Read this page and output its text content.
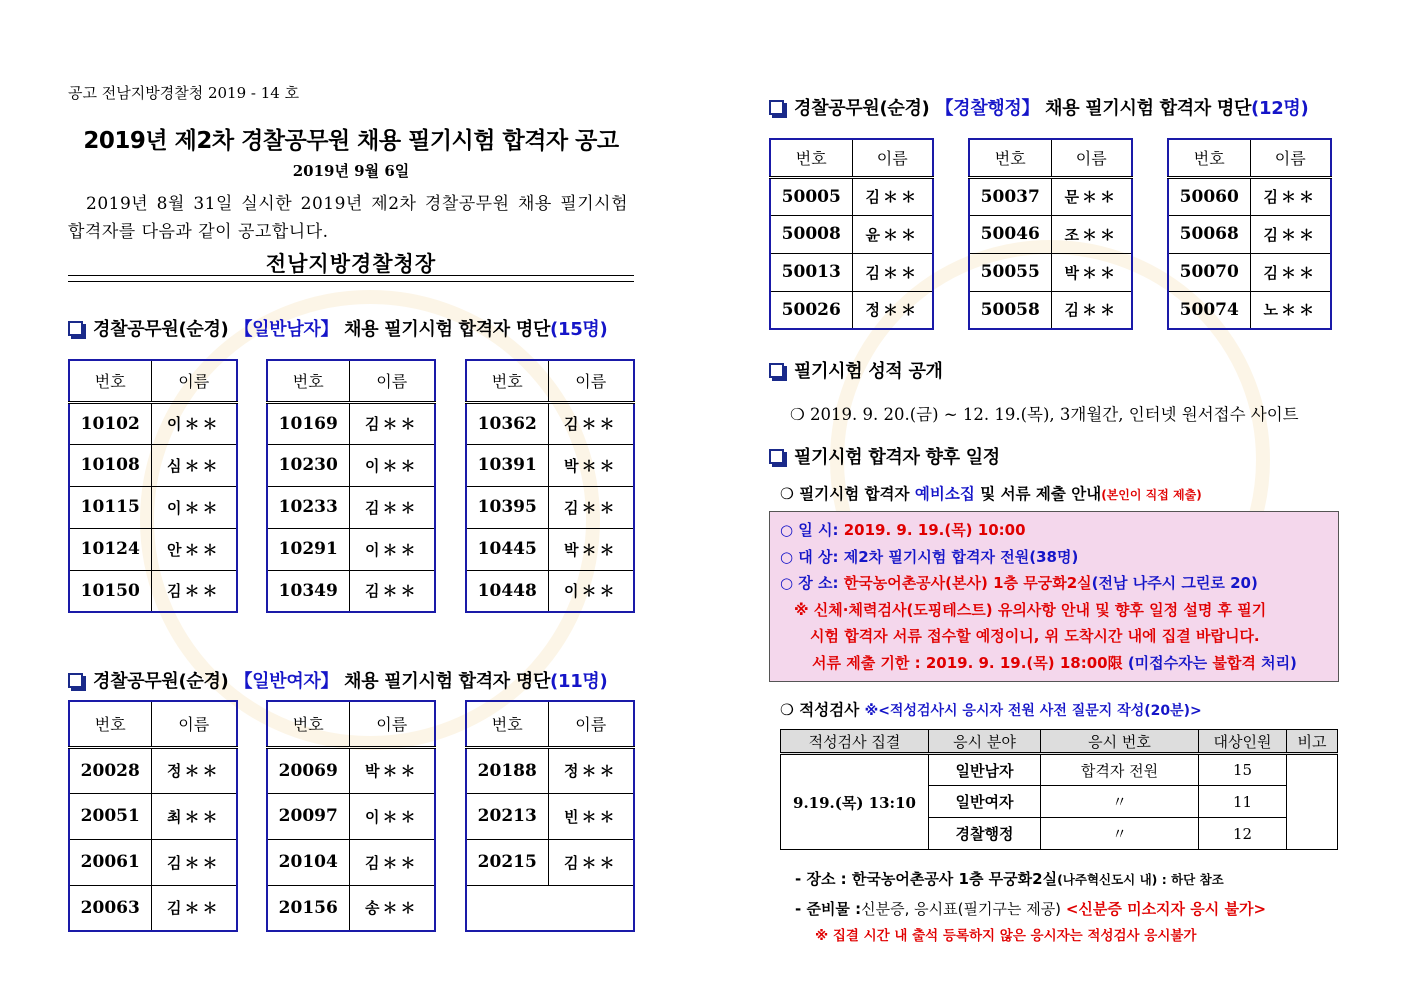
공고 전남지방경찰청 2019 - 14 호
2019년 제2차 경찰공무원 채용 필기시험 합격자 공고
2019년 9월 6일
2019년 8월 31일 실시한 2019년 제2차 경찰공무원 채용 필기시험 합격자를 다음과 같이 공고합니다.
전남지방경찰청장
경찰공무원(순경) 【일반남자】 채용 필기시험 합격자 명단(15명)
번호	이름
10102	이＊＊
10108	심＊＊
10115	이＊＊
10124	안＊＊
10150	김＊＊
번호	이름
10169	김＊＊
10230	이＊＊
10233	김＊＊
10291	이＊＊
10349	김＊＊
번호	이름
10362	김＊＊
10391	박＊＊
10395	김＊＊
10445	박＊＊
10448	이＊＊
경찰공무원(순경) 【일반여자】 채용 필기시험 합격자 명단(11명)
번호	이름
20028	정＊＊
20051	최＊＊
20061	김＊＊
20063	김＊＊
번호	이름
20069	박＊＊
20097	이＊＊
20104	김＊＊
20156	송＊＊
번호	이름
20188	정＊＊
20213	빈＊＊
20215	김＊＊

경찰공무원(순경) 【경찰행정】 채용 필기시험 합격자 명단(12명)
번호	이름
50005	김＊＊
50008	윤＊＊
50013	김＊＊
50026	정＊＊
번호	이름
50037	문＊＊
50046	조＊＊
50055	박＊＊
50058	김＊＊
번호	이름
50060	김＊＊
50068	김＊＊
50070	김＊＊
50074	노＊＊
필기시험 성적 공개
❍ 2019. 9. 20.(금) ~ 12. 19.(목), 3개월간, 인터넷 원서접수 사이트
필기시험 합격자 향후 일정
❍ 필기시험 합격자 예비소집 및 서류 제출 안내(본인이 직접 제출)
○ 일 시: 2019. 9. 19.(목) 10:00
○ 대 상: 제2차 필기시험 합격자 전원(38명)
○ 장 소: 한국농어촌공사(본사) 1층 무궁화2실(전남 나주시 그린로 20)
※ 신체·체력검사(도핑테스트) 유의사항 안내 및 향후 일정 설명 후 필기
시험 합격자 서류 접수할 예정이니, 위 도착시간 내에 집결 바랍니다.
서류 제출 기한 : 2019. 9. 19.(목) 18:00限 (미접수자는 불합격 처리)
❍ 적성검사 ※<적성검사시 응시자 전원 사전 질문지 작성(20분)>
적성검사 집결	응시 분야	응시 번호	대상인원	비고
9.19.(목) 13:10	일반남자	합격자 전원	15	
	일반여자	〃	11	
	경찰행정	〃	12	
- 장소 : 한국농어촌공사 1층 무궁화2실(나주혁신도시 내) : 하단 참조
- 준비물 :신분증, 응시표(필기구는 제공) <신분증 미소지자 응시 불가>
※ 집결 시간 내 출석 등록하지 않은 응시자는 적성검사 응시불가
